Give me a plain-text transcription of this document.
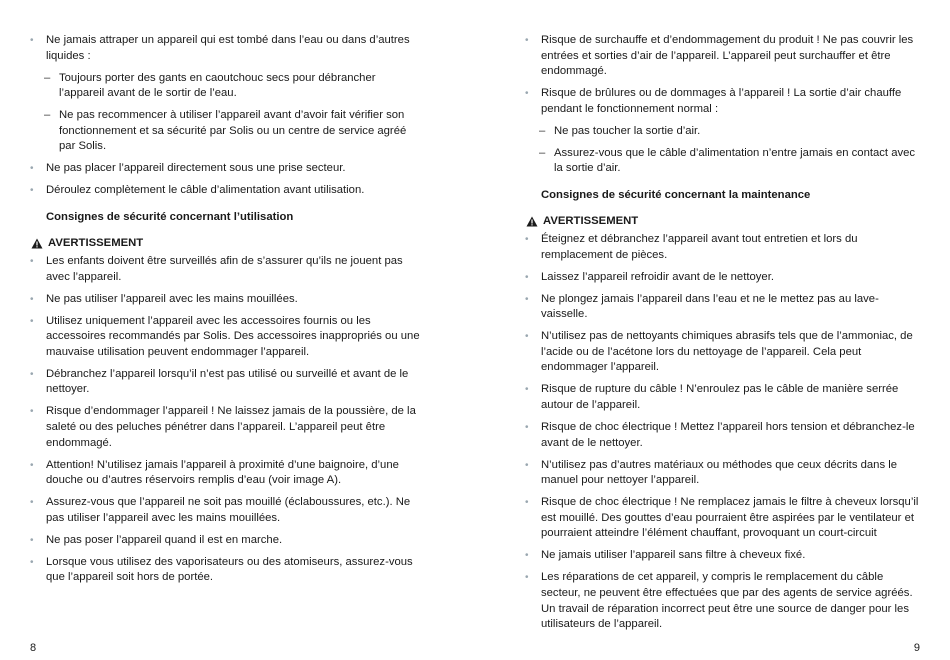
• Ne jamais attraper un appareil qui est tombé dans l’eau ou dans d’autres liquides :
– Toujours porter des gants en caoutchouc secs pour débrancher l’appareil avant de le sortir de l’eau.
– Ne pas recommencer à utiliser l’appareil avant d’avoir fait vérifier son fonctionnement et sa sécurité par Solis ou un centre de service agréé par Solis.
• Ne pas placer l’appareil directement sous une prise secteur.
• Déroulez complètement le câble d’alimentation avant utilisation.
Consignes de sécurité concernant l’utilisation
AVERTISSEMENT
• Les enfants doivent être surveillés afin de s’assurer qu’ils ne jouent pas avec l’appareil.
• Ne pas utiliser l’appareil avec les mains mouillées.
• Utilisez uniquement l’appareil avec les accessoires fournis ou les accessoires recommandés par Solis. Des accessoires inappropriés ou une mauvaise utilisation peuvent endommager l’appareil.
• Débranchez l’appareil lorsqu’il n’est pas utilisé ou surveillé et avant de le nettoyer.
• Risque d’endommager l’appareil ! Ne laissez jamais de la poussière, de la saleté ou des peluches pénétrer dans l’appareil. L’appareil peut être endommagé.
• Attention! N’utilisez jamais l’appareil à proximité d’une baignoire, d’une douche ou d’autres réservoirs remplis d’eau (voir image A).
• Assurez-vous que l’appareil ne soit pas mouillé (éclaboussures, etc.). Ne pas utiliser l’appareil avec les mains mouillées.
• Ne pas poser l’appareil quand il est en marche.
• Lorsque vous utilisez des vaporisateurs ou des atomiseurs, assurez-vous que l’appareil soit hors de portée.
8
• Risque de surchauffe et d’endommagement du produit ! Ne pas couvrir les entrées et sorties d’air de l’appareil. L’appareil peut surchauffer et être endommagé.
• Risque de brûlures ou de dommages à l’appareil ! La sortie d’air chauffe pendant le fonctionnement normal :
– Ne pas toucher la sortie d’air.
– Assurez-vous que le câble d’alimentation n’entre jamais en contact avec la sortie d’air.
Consignes de sécurité concernant la maintenance
AVERTISSEMENT
• Éteignez et débranchez l’appareil avant tout entretien et lors du remplacement de pièces.
• Laissez l’appareil refroidir avant de le nettoyer.
• Ne plongez jamais l’appareil dans l’eau et ne le mettez pas au lave-vaisselle.
• N’utilisez pas de nettoyants chimiques abrasifs tels que de l’ammoniac, de l’acide ou de l’acétone lors du nettoyage de l’appareil. Cela peut endommager l’appareil.
• Risque de rupture du câble ! N’enroulez pas le câble de manière serrée autour de l’appareil.
• Risque de choc électrique ! Mettez l’appareil hors tension et débranchez-le avant de le nettoyer.
• N’utilisez pas d’autres matériaux ou méthodes que ceux décrits dans le manuel pour nettoyer l’appareil.
• Risque de choc électrique ! Ne remplacez jamais le filtre à cheveux lorsqu’il est mouillé. Des gouttes d’eau pourraient être aspirées par le ventilateur et pourraient atteindre l’élément chauffant, provoquant un court-circuit
• Ne jamais utiliser l’appareil sans filtre à cheveux fixé.
• Les réparations de cet appareil, y compris le remplacement du câble secteur, ne peuvent être effectuées que par des agents de service agréés. Un travail de réparation incorrect peut être une source de danger pour les utilisateurs de l’appareil.
9
